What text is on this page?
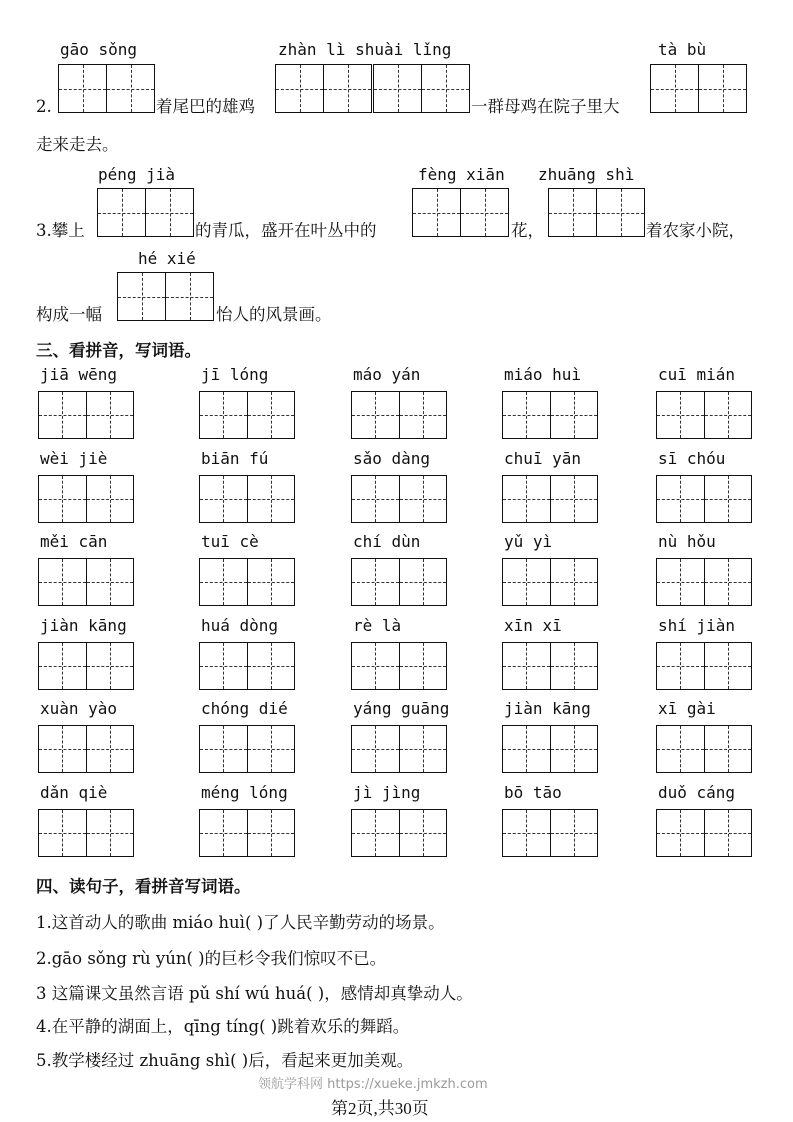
gāo sǒng	zhàn lì shuài lǐng	tà bù
2.	着尾巴的雄鸡	一群母鸡在院子里大
走来走去。
péng jià	fèng xiān zhuāng shì
3.攀上	的青瓜，盛开在叶丛中的	花，	着农家小院，
hé xié
构成一幅	怡人的风景画。
三、看拼音，写词语。
jiā wēng	jī lóng	máo yán	miáo huì	cuī mián
wèi jiè	biān fú	sǎo dàng	chuī yān	sī chóu
měi cān	tuī cè	chí dùn	yǔ yì	nù hǒu
jiàn kāng	huá dòng	rè là	xīn xī	shí jiàn
xuàn yào	chóng dié	yáng guāng	jiàn kāng	xī gài
dǎn qiè	méng lóng	jì jìng	bō tāo	duǒ cáng
四、读句子，看拼音写词语。
1.这首动人的歌曲 miáo huì( )了人民辛勤劳动的场景。
2.gāo sǒng rù yún( )的巨杉令我们惊叹不已。
3 这篇课文虽然言语 pǔ shí wú huá( )，感情却真挚动人。
4.在平静的湖面上，qīng tíng( )跳着欢乐的舞蹈。
5.教学楼经过 zhuāng shì( )后，看起来更加美观。
领航学科网 https://xueke.jmkzh.com
第2页,共30页
